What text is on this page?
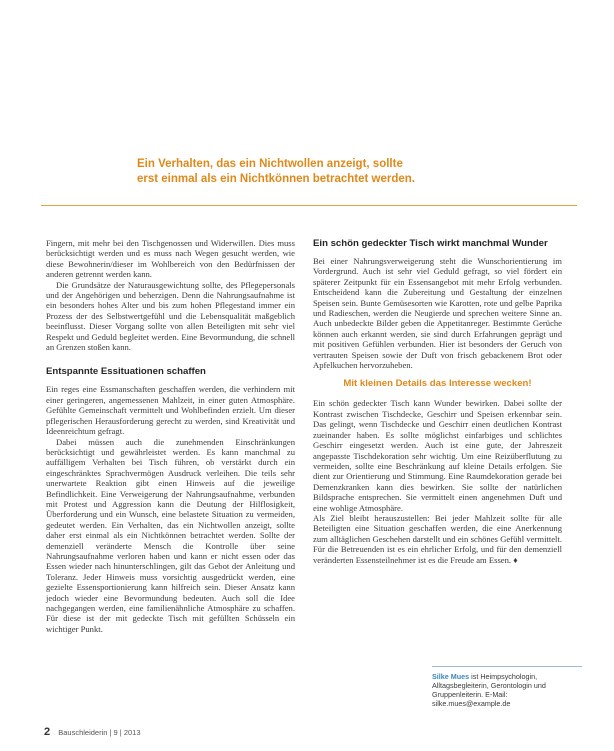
Ein Verhalten, das ein Nichtwollen anzeigt, sollte
erst einmal als ein Nichtkönnen betrachtet werden.

Fingern, mit mehr bei den Tischgenossen und Widerwillen. Dies muss berücksichtigt werden und es muss nach Wegen gesucht werden, wie diese Bewohnerin/dieser im Wohlbereich von den Bedürfnissen der anderen getrennt werden kann.

Die Grundsätze der Naturausgewichtung sollte, des Pflegepersonals und der Angehörigen und beherzigen. Denn die Nahrungsaufnahme ist ein besonders hohes Alter und bis zum hohen Pflegestand immer ein Prozess der des Selbstwertgefühl und die Lebensqualität maßgeblich beeinflusst. Dieser Vorgang sollte von allen Beteiligten mit sehr viel Respekt und Geduld begleitet werden. Eine Bevormundung, die schnell an Grenzen stoßen kann.

Entspannte Essituationen schaffen

Ein reges eine Essmanschaften geschaffen werden, die verhindern mit einer geringeren, angemessenen Mahlzeit, in einer guten Atmosphäre. Gefühlte Gemeinschaft vermittelt und Wohlbefinden erzielt. Um dieser pflegerischen Herausforderung gerecht zu werden, sind Kreativität und Ideenreichtum gefragt.

Dabei müssen auch die zunehmenden Einschränkungen berücksichtigt und gewährleistet werden. Es kann manchmal zu auffälligem Verhalten bei Tisch führen, ob verstärkt durch ein eingeschränktes Sprachvermögen Ausdruck verleihen. Die teils sehr unerwartete Reaktion gibt einen Hinweis auf die jeweilige Befindlichkeit. Eine Verweigerung der Nahrungsaufnahme, verbunden mit Protest und Aggression kann die Deutung der Hilflosigkeit, Überforderung und ein Wunsch, eine belastete Situation zu vermeiden, gedeutet werden. Ein Verhalten, das ein Nichtwollen anzeigt, sollte daher erst einmal als ein Nichtkönnen betrachtet werden. Sollte der demenziell veränderte Mensch die Kontrolle über seine Nahrungsaufnahme verloren haben und kann er nicht essen oder das Essen wieder nach hinunterschlingen, gilt das Gebot der Anleitung und Toleranz. Jeder Hinweis muss vorsichtig ausgedrückt werden, eine gezielte Essensportionierung kann hilfreich sein. Dieser Ansatz kann jedoch wieder eine Bevormundung bedeuten. Auch soll die Idee nachgegangen werden, eine familienähnliche Atmosphäre zu schaffen. Für diese ist der mit gedeckte Tisch mit gefüllten Schüsseln ein wichtiger Punkt.

Ein schön gedeckter Tisch wirkt manchmal Wunder

Bei einer Nahrungsverweigerung steht die Wunschorientierung im Vordergrund. Auch ist sehr viel Geduld gefragt, so viel fördert ein späterer Zeitpunkt für ein Essensangebot mit mehr Erfolg verbunden. Entscheidend kann die Zubereitung und Gestaltung der einzelnen Speisen sein. Bunte Gemüsesorten wie Karotten, rote und gelbe Paprika und Radieschen, werden die Neugierde und sprechen weitere Sinne an. Auch unbedeckte Bilder geben die Appetitanreger. Bestimmte Gerüche können auch erkannt werden, sie sind durch Erfahrungen geprägt und mit positiven Gefühlen verbunden. Hier ist besonders der Geruch von vertrauten Speisen sowie der Duft von frisch gebackenem Brot oder Apfelkuchen hervorzuheben.

Mit kleinen Details das Interesse wecken!

Ein schön gedeckter Tisch kann Wunder bewirken. Dabei sollte der Kontrast zwischen Tischdecke, Geschirr und Speisen erkennbar sein. Das gelingt, wenn Tischdecke und Geschirr einen deutlichen Kontrast zueinander haben. Es sollte möglichst einfarbiges und schlichtes Geschirr eingesetzt werden. Auch ist eine gute, der Jahreszeit angepasste Tischdekoration sehr wichtig. Um eine Reizüberflutung zu vermeiden, sollte eine Beschränkung auf kleine Details erfolgen. Sie dient zur Orientierung und Stimmung. Eine Raumdekoration gerade bei Demenzkranken kann dies bewirken. Sie sollte der natürlichen Bildsprache entsprechen. Sie vermittelt einen angenehmen Duft und eine wohlige Atmosphäre.

Als Ziel bleibt herauszustellen: Bei jeder Mahlzeit sollte für alle Beteiligten eine Situation geschaffen werden, die eine Anerkennung zum alltäglichen Geschehen darstellt und ein schönes Gefühl vermittelt. Für die Betreuenden ist es ein ehrlicher Erfolg, und für den demenziell veränderten Essensteilnehmer ist es die Freude am Essen. ♦

Silke Mues ist Heimpsychologin, Alltagsbegleiterin, Gerontologin und Gruppenleiterin. E-Mail: silke.mues@example.de
2 Bauschleiderin | 9 | 2013
